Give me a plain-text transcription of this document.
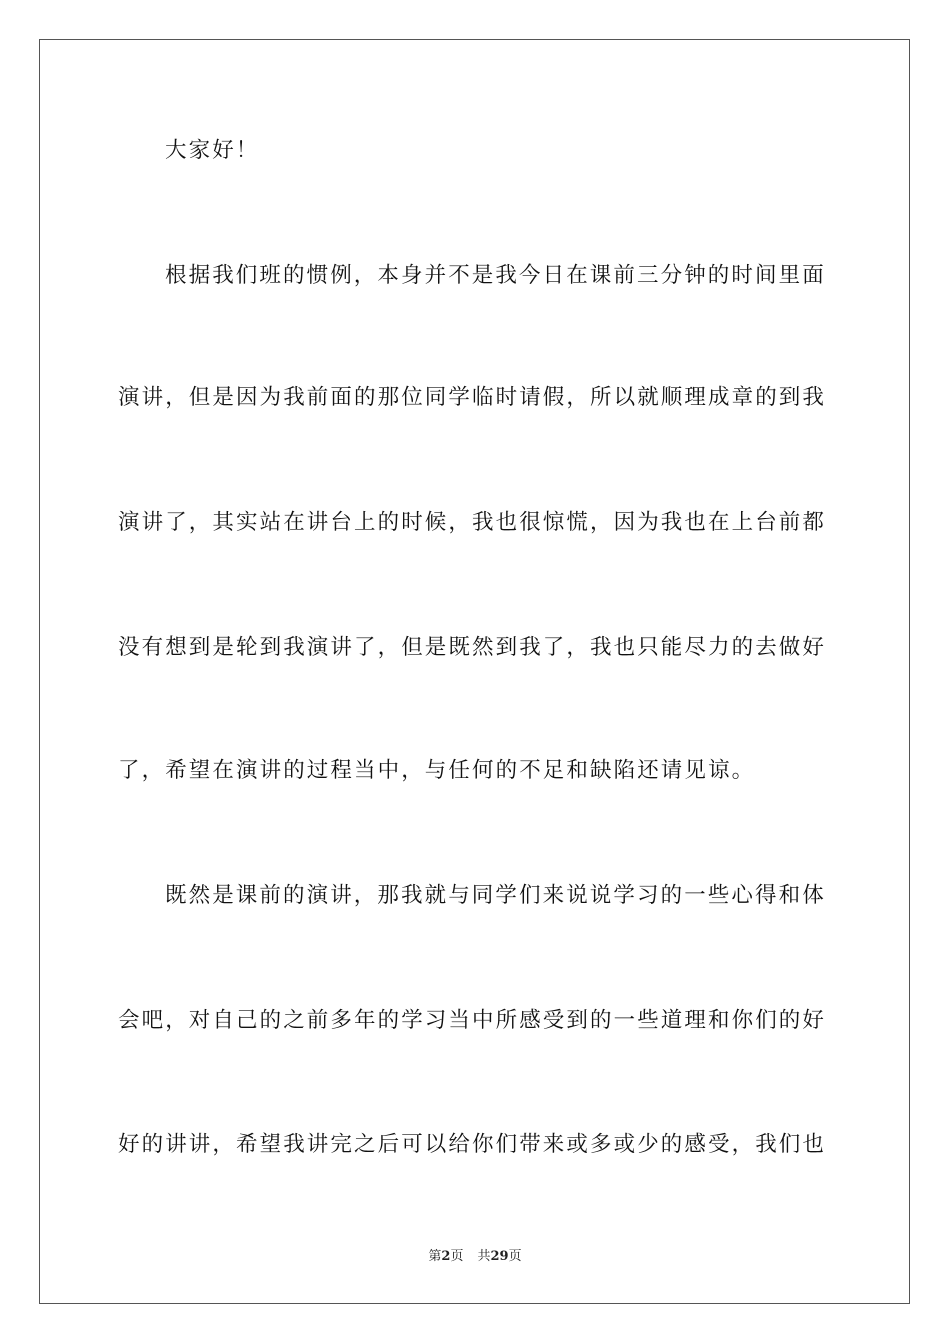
大家好！
根据我们班的惯例，本身并不是我今日在课前三分钟的时间里面
演讲，但是因为我前面的那位同学临时请假，所以就顺理成章的到我
演讲了，其实站在讲台上的时候，我也很惊慌，因为我也在上台前都
没有想到是轮到我演讲了，但是既然到我了，我也只能尽力的去做好
了，希望在演讲的过程当中，与任何的不足和缺陷还请见谅。
既然是课前的演讲，那我就与同学们来说说学习的一些心得和体
会吧，对自己的之前多年的学习当中所感受到的一些道理和你们的好
好的讲讲，希望我讲完之后可以给你们带来或多或少的感受，我们也
第2页 共29页
